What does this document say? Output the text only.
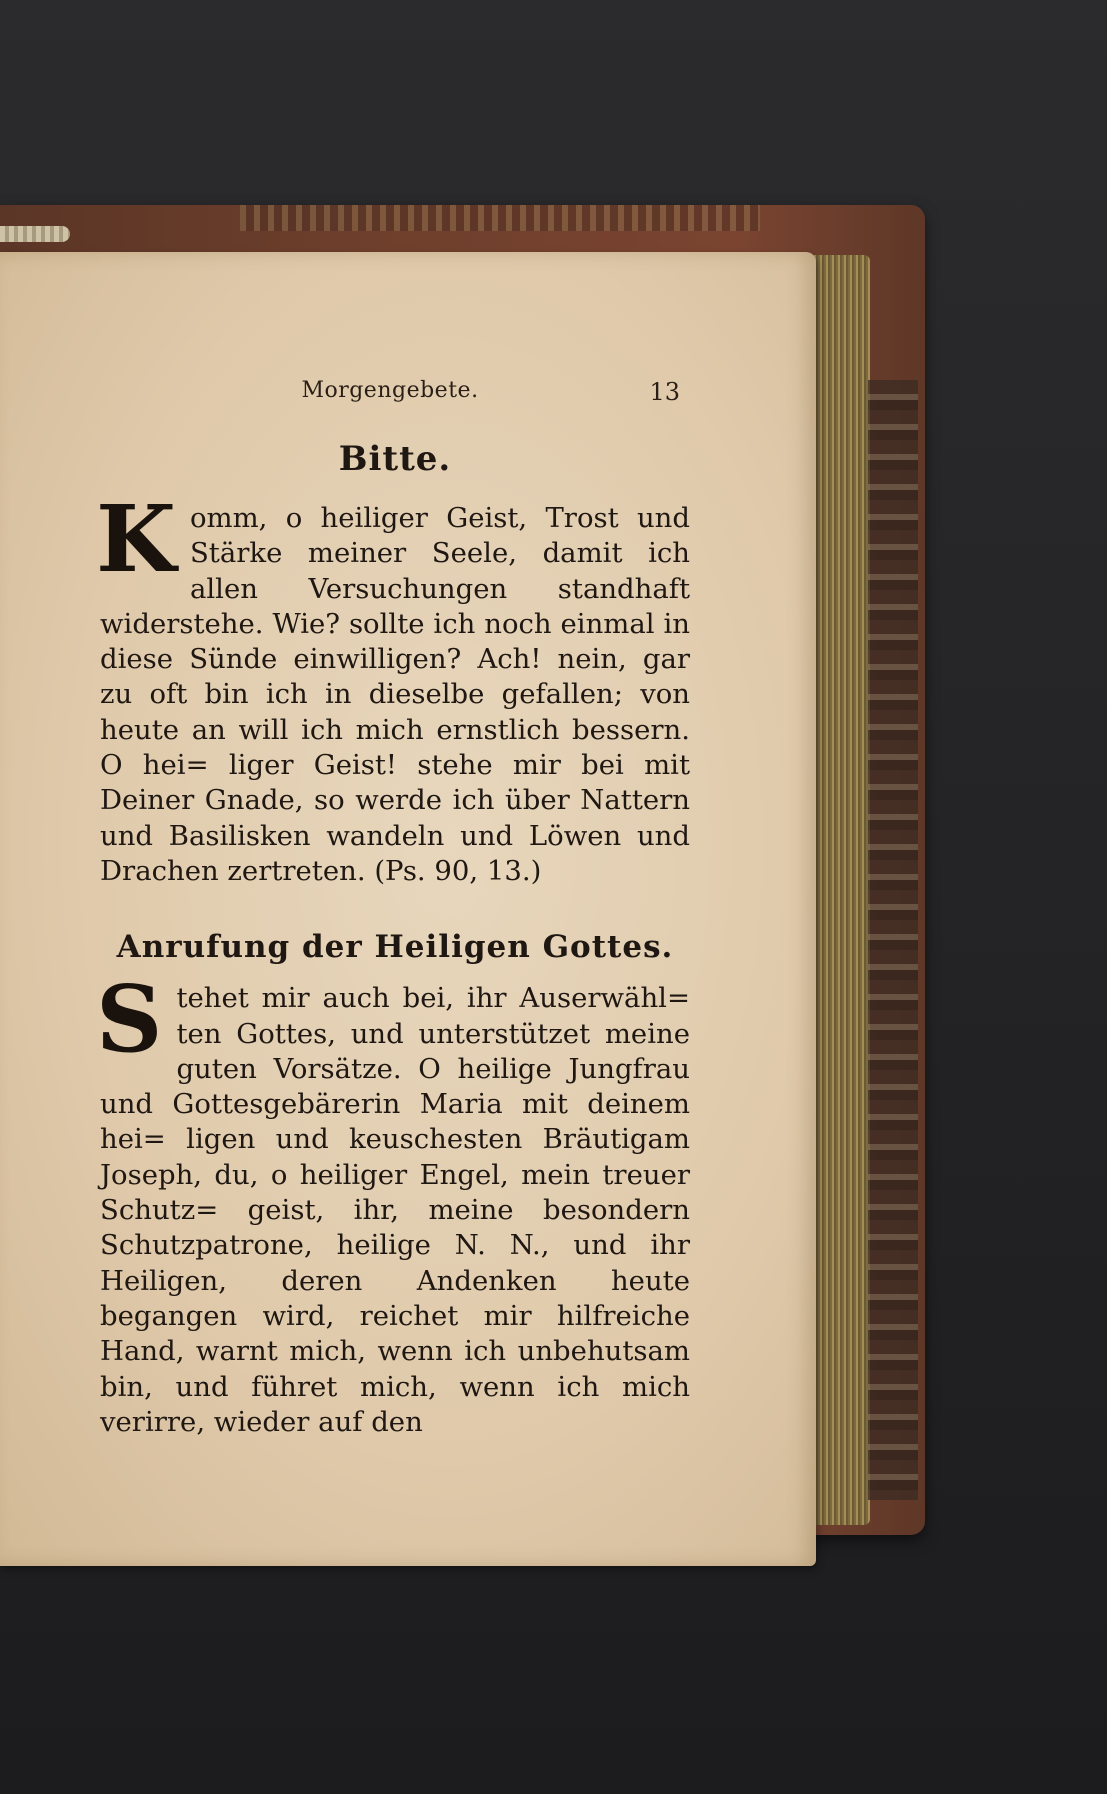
Morgengebete.	13
Bitte.

K omm, o heiliger Geist, Trost und Stärke meiner Seele, damit ich allen Versuchungen standhaft widerstehe. Wie? sollte ich noch einmal in diese Sünde einwilligen? Ach! nein, gar zu oft bin ich in dieselbe gefallen; von heute an will ich mich ernstlich bessern. O hei= liger Geist! stehe mir bei mit Deiner Gnade, so werde ich über Nattern und Basilisken wandeln und Löwen und Drachen zertreten. (Ps. 90, 13.)

Anrufung der Heiligen Gottes.

S tehet mir auch bei, ihr Auserwähl= ten Gottes, und unterstützet meine guten Vorsätze. O heilige Jungfrau und Gottesgebärerin Maria mit deinem hei= ligen und keuschesten Bräutigam Joseph, du, o heiliger Engel, mein treuer Schutz= geist, ihr, meine besondern Schutzpatrone, heilige N. N., und ihr Heiligen, deren Andenken heute begangen wird, reichet mir hilfreiche Hand, warnt mich, wenn ich unbehutsam bin, und führet mich, wenn ich mich verirre, wieder auf den
